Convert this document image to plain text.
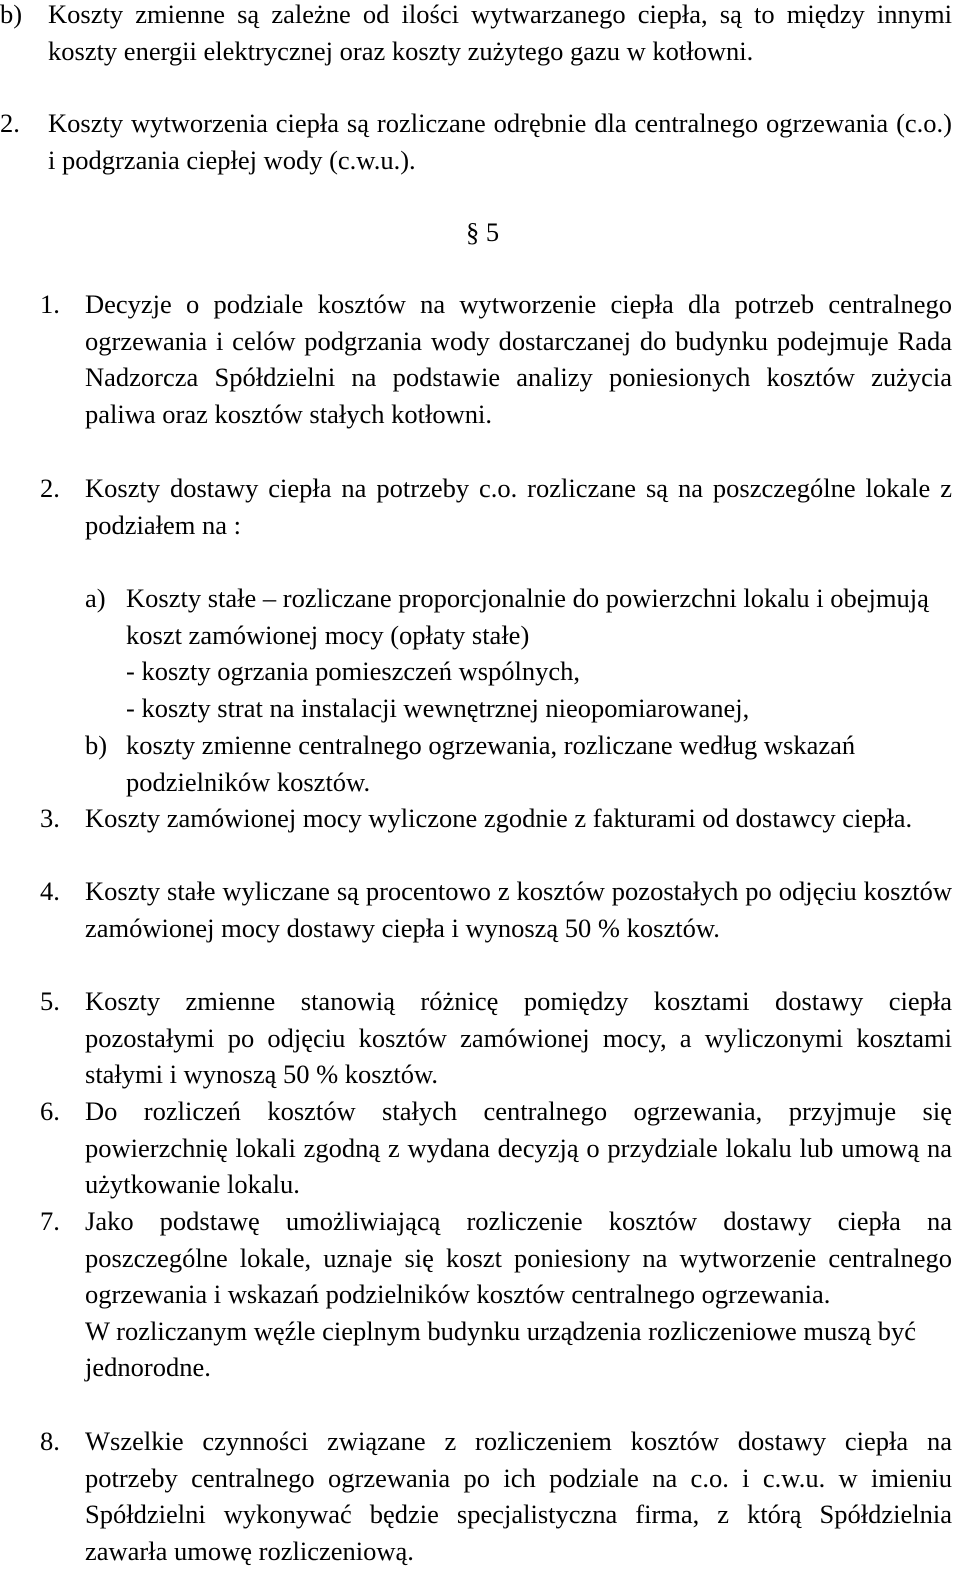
b) Koszty zmienne są zależne od ilości wytwarzanego ciepła, są to między innymi koszty energii elektrycznej oraz koszty zużytego gazu w kotłowni.
2. Koszty wytworzenia ciepła są rozliczane odrębnie dla centralnego ogrzewania (c.o.) i podgrzania ciepłej wody (c.w.u.).
§ 5
1. Decyzje o podziale kosztów na wytworzenie ciepła dla potrzeb centralnego ogrzewania i celów podgrzania wody dostarczanej do budynku podejmuje Rada Nadzorcza Spółdzielni na podstawie analizy poniesionych kosztów zużycia paliwa oraz kosztów stałych kotłowni.
2. Koszty dostawy ciepła na potrzeby c.o. rozliczane są na poszczególne lokale z podziałem na :
a) Koszty stałe – rozliczane proporcjonalnie do powierzchni lokalu i obejmują koszt zamówionej mocy (opłaty stałe)
- koszty ogrzania pomieszczeń wspólnych,
- koszty strat na instalacji wewnętrznej nieopomiarowanej,
b) koszty zmienne centralnego ogrzewania, rozliczane według wskazań podzielników kosztów.
3. Koszty zamówionej mocy wyliczone zgodnie z fakturami od dostawcy ciepła.
4. Koszty stałe wyliczane są procentowo z kosztów pozostałych po odjęciu kosztów zamówionej mocy dostawy ciepła i wynoszą 50 % kosztów.
5. Koszty zmienne stanowią różnicę pomiędzy kosztami dostawy ciepła pozostałymi po odjęciu kosztów zamówionej mocy, a wyliczonymi kosztami stałymi i wynoszą 50 % kosztów.
6. Do rozliczeń kosztów stałych centralnego ogrzewania, przyjmuje się powierzchnię lokali zgodną z wydana decyzją o przydziale lokalu lub umową na użytkowanie lokalu.
7. Jako podstawę umożliwiającą rozliczenie kosztów dostawy ciepła na poszczególne lokale, uznaje się koszt poniesiony na wytworzenie centralnego ogrzewania i wskazań podzielników kosztów centralnego ogrzewania.
W rozliczanym węźle cieplnym budynku urządzenia rozliczeniowe muszą być jednorodne.
8. Wszelkie czynności związane z rozliczeniem kosztów dostawy ciepła na potrzeby centralnego ogrzewania po ich podziale na c.o. i c.w.u. w imieniu Spółdzielni wykonywać będzie specjalistyczna firma, z którą Spółdzielnia zawarła umowę rozliczeniową.
